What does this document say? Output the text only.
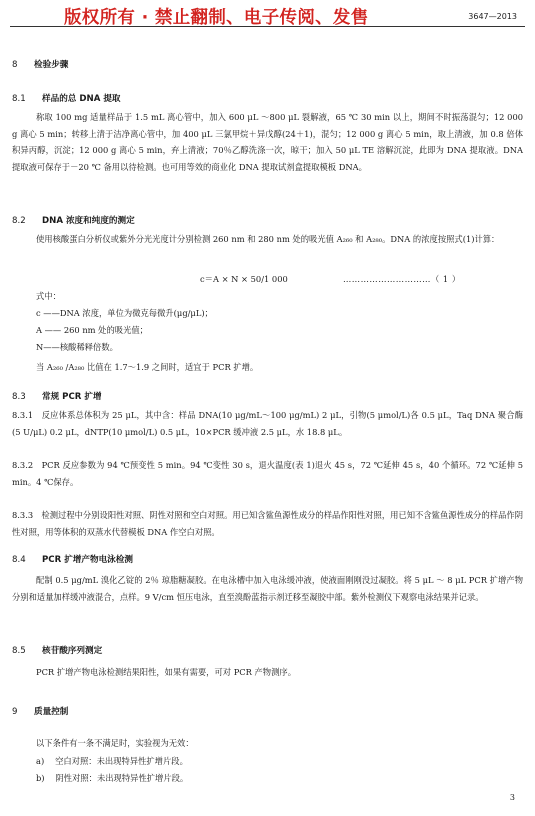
版权所有 · 禁止翻制、电子传阅、发售	3647—2013
8 检验步骤
8.1 样品的总 DNA 提取
称取 100 mg 适量样品于 1.5 mL 离心管中，加入 600 μL ～800 μL 裂解液，65 ℃ 30 min 以上，期间不时振荡混匀；12 000 g 离心 5 min；转移上清于洁净离心管中，加 400 μL 三氯甲烷＋异戊醇(24＋1)，混匀；12 000 g 离心 5 min，取上清液，加 0.8 倍体积异丙醇，沉淀；12 000 g 离心 5 min，弃上清液；70％乙醇洗涤一次，晾干；加入 50 μL TE 溶解沉淀，此即为 DNA 提取液。DNA 提取液可保存于－20 ℃ 备用以待检测。也可用等效的商业化 DNA 提取试剂盒提取模板 DNA。
8.2 DNA 浓度和纯度的测定
使用核酸蛋白分析仪或紫外分光光度计分别检测 260 nm 和 280 nm 处的吸光值 A₂₆₀ 和 A₂₈₀。DNA 的浓度按照式(1)计算：
c＝A × N × 50/1 000	…………………………（ 1 ）
式中：
c ——DNA 浓度，单位为微克每微升(μg/μL)；
A —— 260 nm 处的吸光值；
N——核酸稀释倍数。
当 A₂₆₀ /A₂₈₀ 比值在 1.7～1.9 之间时，适宜于 PCR 扩增。
8.3 常规 PCR 扩增
8.3.1　反应体系总体积为 25 μL，其中含：样品 DNA(10 μg/mL～100 μg/mL) 2 μL，引物(5 μmol/L)各 0.5 μL，Taq DNA 聚合酶(5 U/μL) 0.2 μL，dNTP(10 μmol/L) 0.5 μL，10×PCR 缓冲液 2.5 μL，水 18.8 μL。
8.3.2　PCR 反应参数为 94 ℃预变性 5 min。94 ℃变性 30 s，退火温度(表 1)退火 45 s，72 ℃延伸 45 s，40 个循环。72 ℃延伸 5 min。4 ℃保存。
8.3.3　检测过程中分别设阳性对照、阴性对照和空白对照。用已知含鲨鱼源性成分的样品作阳性对照，用已知不含鲨鱼源性成分的样品作阴性对照，用等体积的双蒸水代替模板 DNA 作空白对照。
8.4 PCR 扩增产物电泳检测
配制 0.5 μg/mL 溴化乙锭的 2％ 琼脂糖凝胶。在电泳槽中加入电泳缓冲液，使液面刚刚没过凝胶。将 5 μL ～ 8 μL PCR 扩增产物分别和适量加样缓冲液混合，点样。9 V/cm 恒压电泳，直至溴酚蓝指示剂迁移至凝胶中部。紫外检测仪下观察电泳结果并记录。
8.5 核苷酸序列测定
PCR 扩增产物电泳检测结果阳性，如果有需要，可对 PCR 产物测序。
9 质量控制
以下条件有一条不满足时，实验视为无效：
a)　 空白对照：未出现特异性扩增片段。
b)　 阴性对照：未出现特异性扩增片段。
3
